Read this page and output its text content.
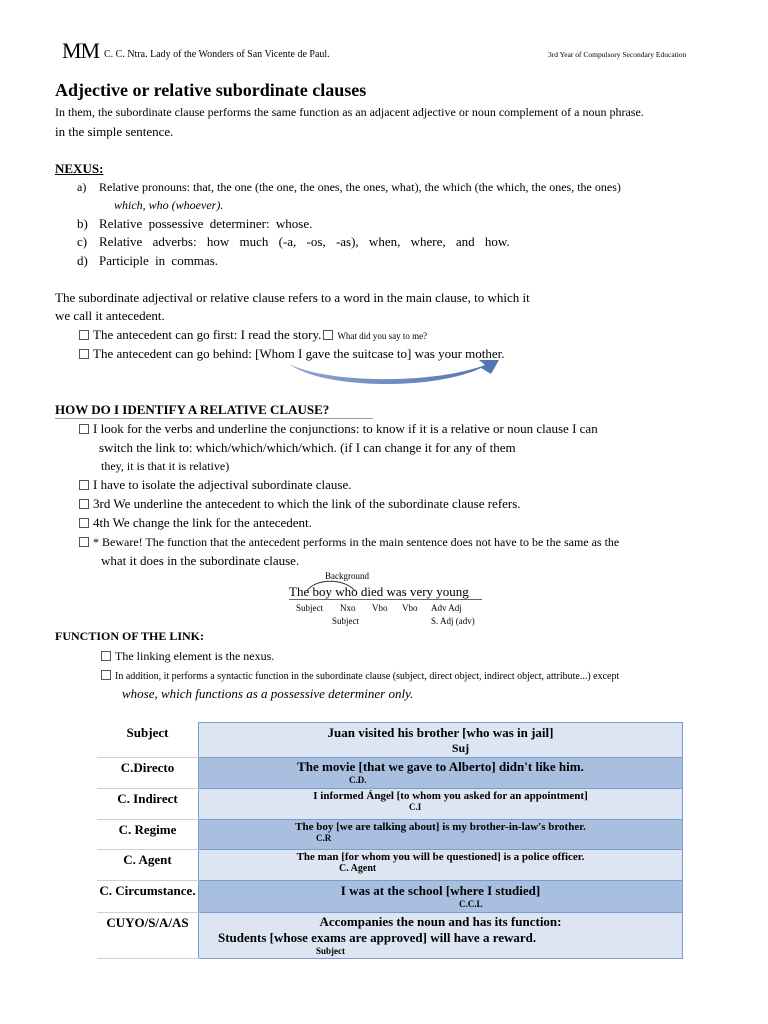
MM C. C. Ntra. Lady of the Wonders of San Vicente de Paul.	3rd Year of Compulsory Secondary Education
Adjective or relative subordinate clauses
In them, the subordinate clause performs the same function as an adjacent adjective or noun complement of a noun phrase.
in the simple sentence.
NEXUS:
a) Relative pronouns: that, the one (the one, the ones, the ones, what), the which (the which, the ones, the ones)
which, who (whoever).
b) Relative possessive determiner: whose.
c) Relative adverbs: how much (-a, -os, -as), when, where, and how.
d) Participle in commas.
The subordinate adjectival or relative clause refers to a word in the main clause, to which it
we call it antecedent.
The antecedent can go first: I read the story. What did you say to me?
The antecedent can go behind: [Whom I gave the suitcase to] was your mother.
HOW DO I IDENTIFY A RELATIVE CLAUSE?
I look for the verbs and underline the conjunctions: to know if it is a relative or noun clause I can
switch the link to: which/which/which/which. (if I can change it for any of them
they, it is that it is relative)
I have to isolate the adjectival subordinate clause.
3rd We underline the antecedent to which the link of the subordinate clause refers.
4th We change the link for the antecedent.
* Beware! The function that the antecedent performs in the main sentence does not have to be the same as the
what it does in the subordinate clause.
Background
The boy who died was very young
Subject Nxo Vbo Vbo Adv Adj
Subject	S. Adj (adv)
FUNCTION OF THE LINK:
The linking element is the nexus.
In addition, it performs a syntactic function in the subordinate clause (subject, direct object, indirect object, attribute...) except
whose, which functions as a possessive determiner only.
Subject	Juan visited his brother [who was in jail]
Suj

C.Directo	The movie [that we gave to Alberto] didn't like him.
C.D.

C. Indirect	I informed Ángel [to whom you asked for an appointment]
C.I

C. Regime	The boy [we are talking about] is my brother-in-law's brother.
C.R

C. Agent	The man [for whom you will be questioned] is a police officer.
C. Agent

C. Circumstance.	I was at the school [where I studied]
C.C.L

CUYO/S/A/AS	Accompanies the noun and has its function:
Students [whose exams are approved] will have a reward.
Subject
